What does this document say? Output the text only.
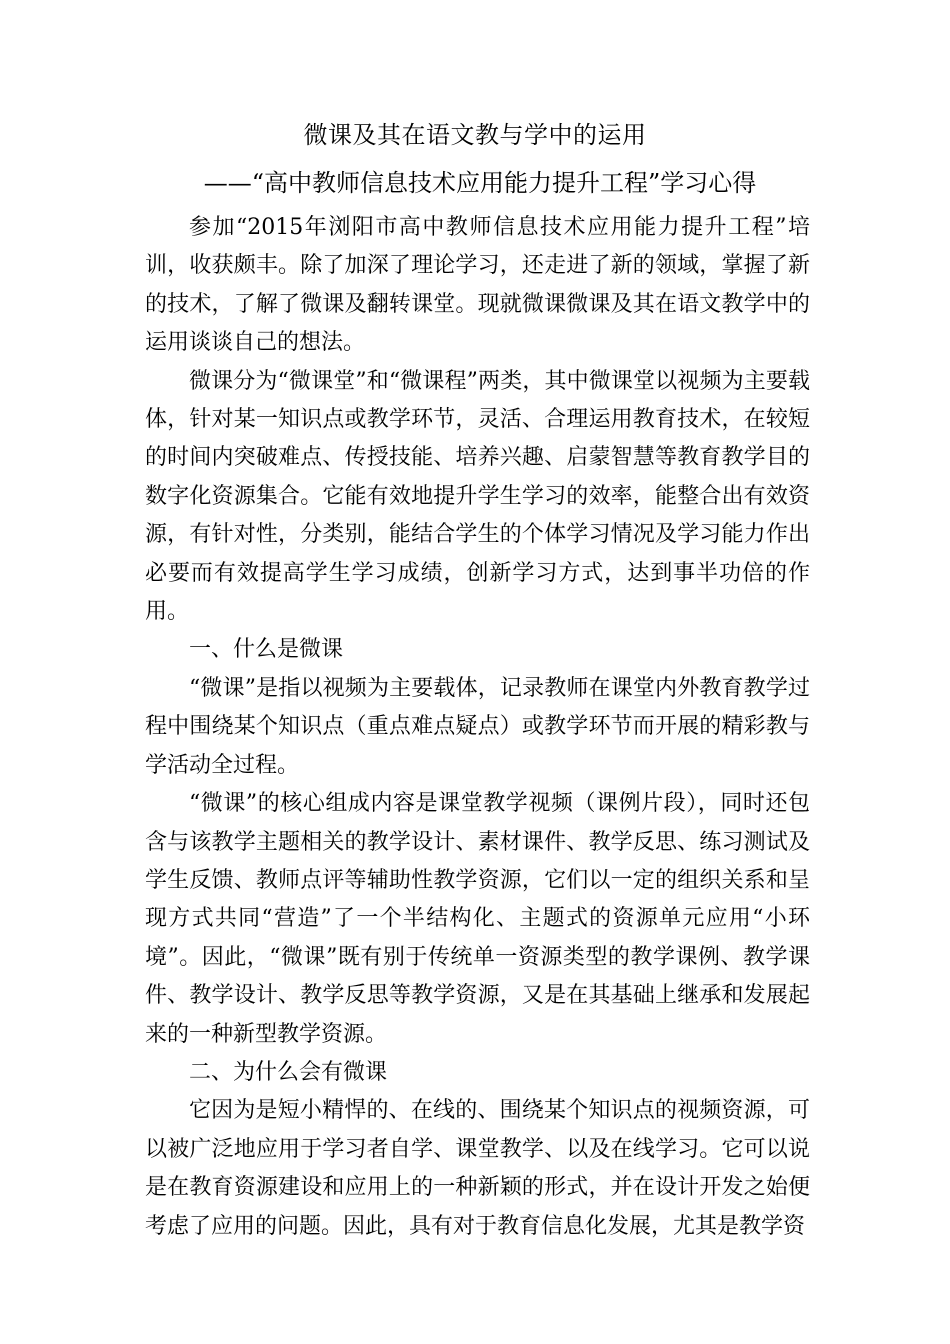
微课及其在语文教与学中的运用
——“高中教师信息技术应用能力提升工程”学习心得

参加“2015年浏阳市高中教师信息技术应用能力提升工程”培训，收获颇丰。除了加深了理论学习，还走进了新的领域，掌握了新的技术，了解了微课及翻转课堂。现就微课微课及其在语文教学中的运用谈谈自己的想法。

微课分为“微课堂”和“微课程”两类，其中微课堂以视频为主要载体，针对某一知识点或教学环节，灵活、合理运用教育技术，在较短的时间内突破难点、传授技能、培养兴趣、启蒙智慧等教育教学目的数字化资源集合。它能有效地提升学生学习的效率，能整合出有效资源，有针对性，分类别，能结合学生的个体学习情况及学习能力作出必要而有效提高学生学习成绩，创新学习方式，达到事半功倍的作用。

一、什么是微课

“微课”是指以视频为主要载体，记录教师在课堂内外教育教学过程中围绕某个知识点（重点难点疑点）或教学环节而开展的精彩教与学活动全过程。

“微课”的核心组成内容是课堂教学视频（课例片段），同时还包含与该教学主题相关的教学设计、素材课件、教学反思、练习测试及学生反馈、教师点评等辅助性教学资源，它们以一定的组织关系和呈现方式共同“营造”了一个半结构化、主题式的资源单元应用“小环境”。因此，“微课”既有别于传统单一资源类型的教学课例、教学课件、教学设计、教学反思等教学资源，又是在其基础上继承和发展起来的一种新型教学资源。

二、为什么会有微课

它因为是短小精悍的、在线的、围绕某个知识点的视频资源，可以被广泛地应用于学习者自学、课堂教学、以及在线学习。它可以说是在教育资源建设和应用上的一种新颖的形式，并在设计开发之始便考虑了应用的问题。因此，具有对于教育信息化发展，尤其是教学资
